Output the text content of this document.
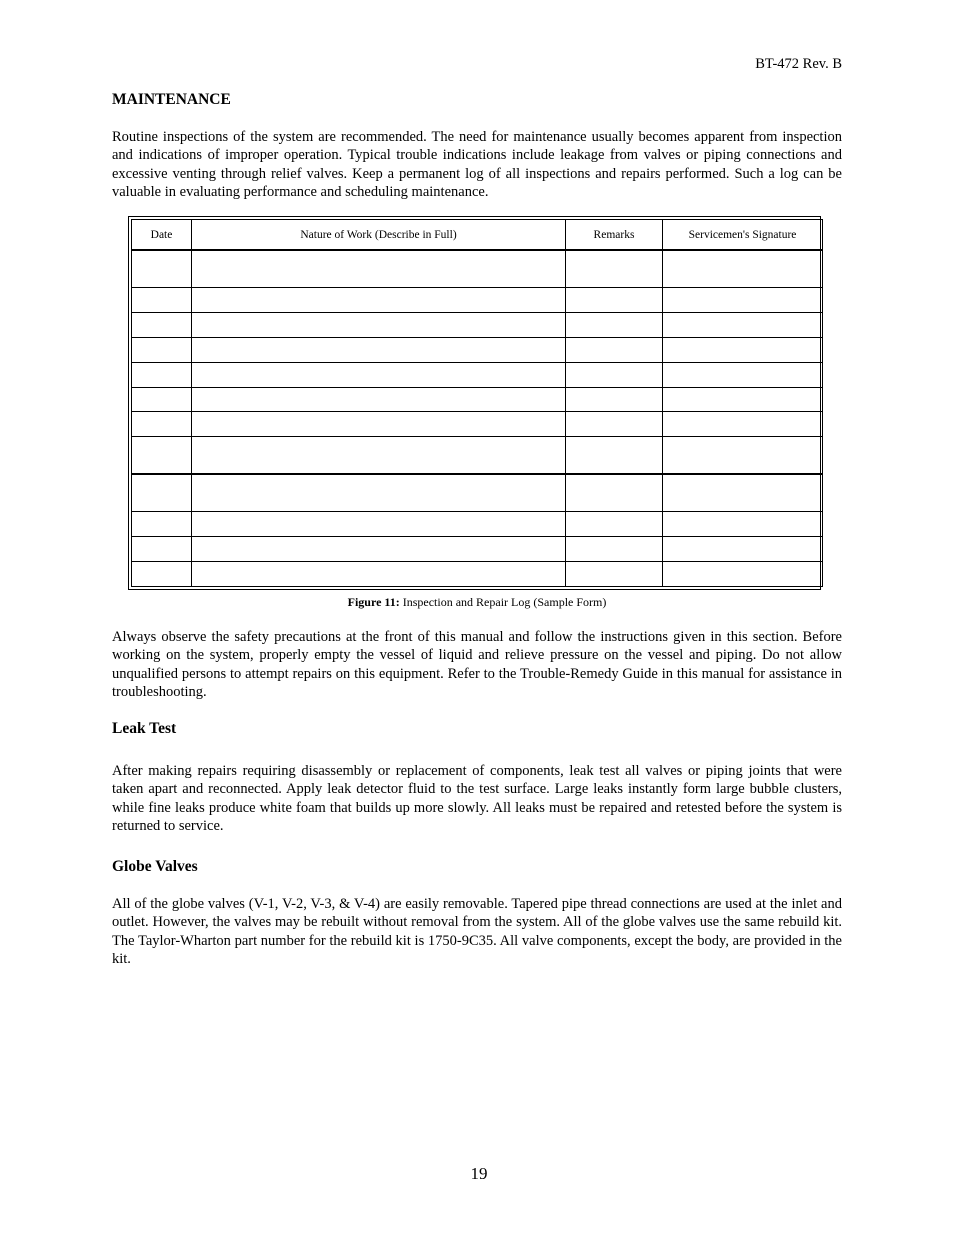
BT-472 Rev. B
MAINTENANCE

Routine inspections of the system are recommended. The need for maintenance usually becomes apparent from inspection and indications of improper operation. Typical trouble indications include leakage from valves or piping connections and excessive venting through relief valves. Keep a permanent log of all inspections and repairs performed. Such a log can be valuable in evaluating performance and scheduling maintenance.

Date	Nature of Work (Describe in Full)	Remarks	Servicemen's Signature

Figure 11: Inspection and Repair Log (Sample Form)

Always observe the safety precautions at the front of this manual and follow the instructions given in this section. Before working on the system, properly empty the vessel of liquid and relieve pressure on the vessel and piping. Do not allow unqualified persons to attempt repairs on this equipment. Refer to the Trouble-Remedy Guide in this manual for assistance in troubleshooting.

Leak Test

After making repairs requiring disassembly or replacement of components, leak test all valves or piping joints that were taken apart and reconnected. Apply leak detector fluid to the test surface. Large leaks instantly form large bubble clusters, while fine leaks produce white foam that builds up more slowly. All leaks must be repaired and retested before the system is returned to service.

Globe Valves

All of the globe valves (V-1, V-2, V-3, & V-4) are easily removable. Tapered pipe thread connections are used at the inlet and outlet. However, the valves may be rebuilt without removal from the system. All of the globe valves use the same rebuild kit. The Taylor-Wharton part number for the rebuild kit is 1750-9C35. All valve components, except the body, are provided in the kit.

19
